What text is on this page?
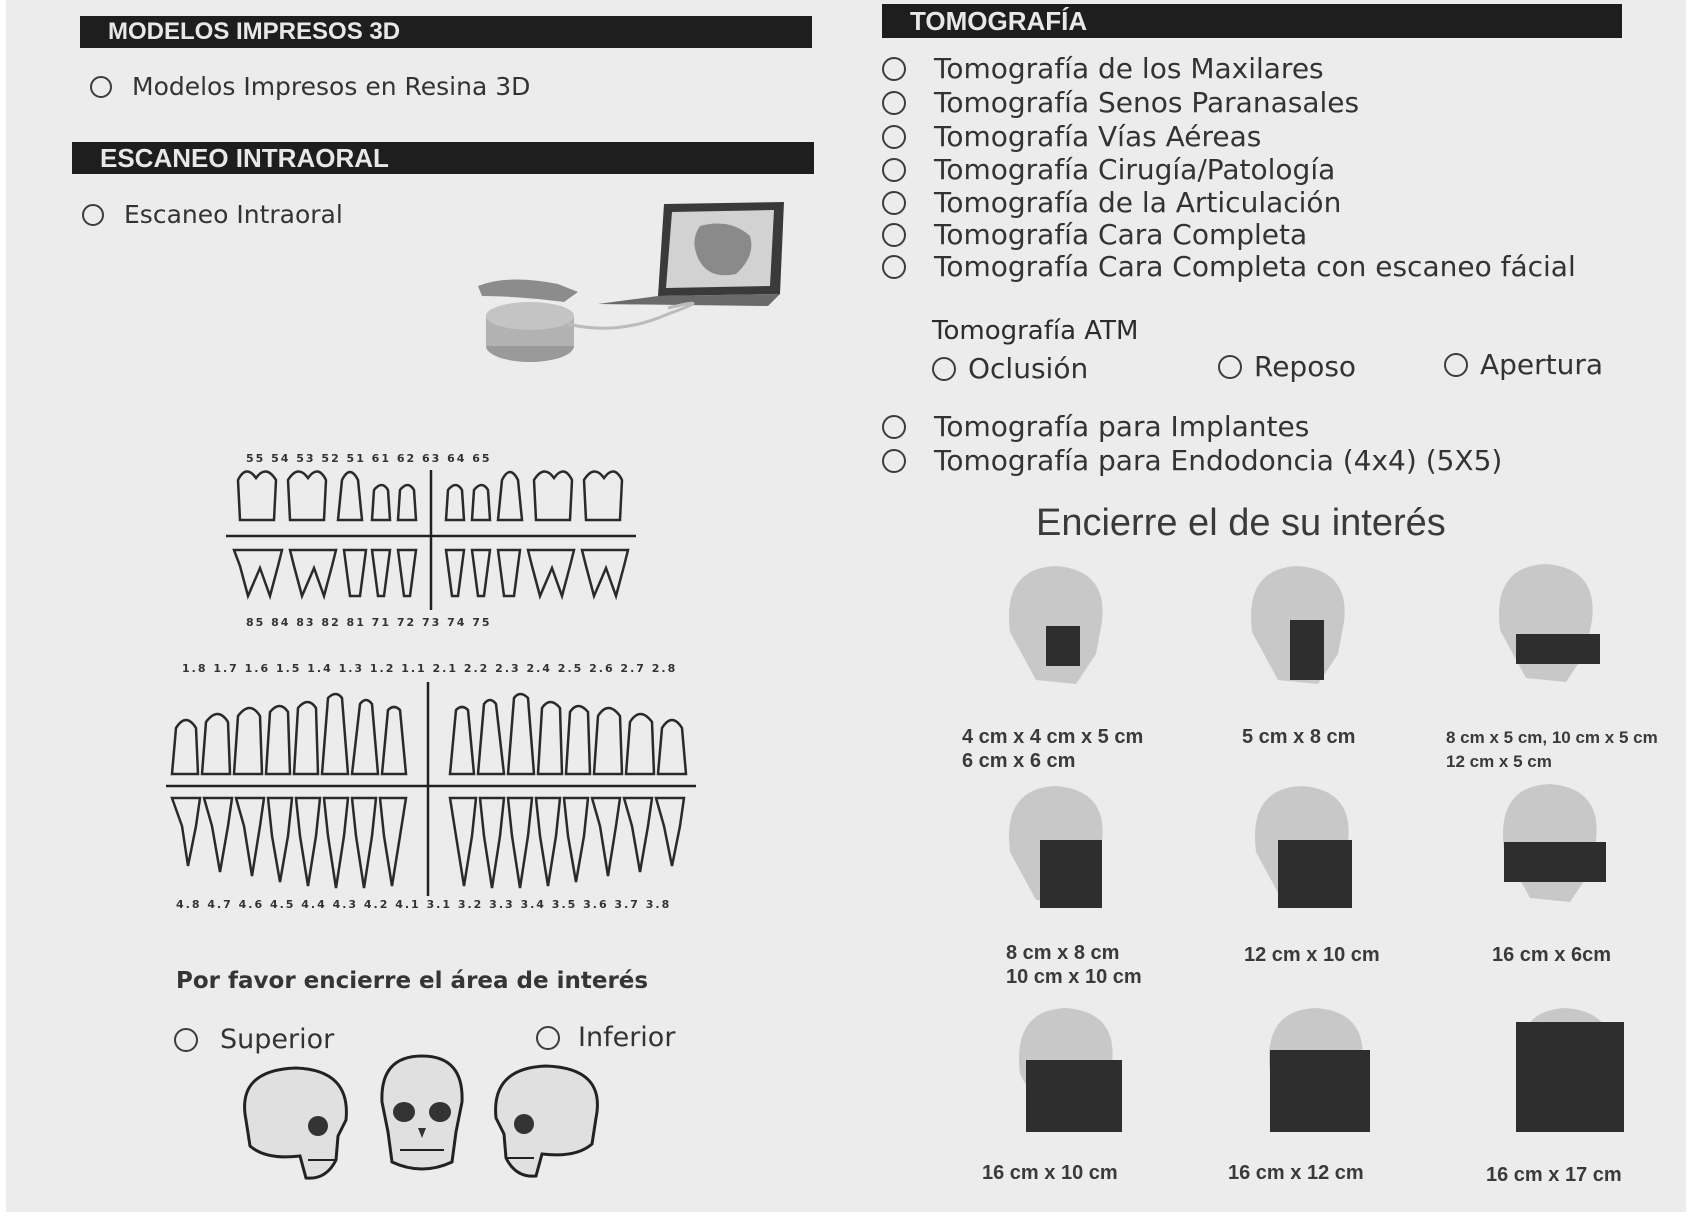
MODELOS IMPRESOS 3D
Modelos Impresos en Resina 3D
ESCANEO INTRAORAL
Escaneo Intraoral
55 54 53 52 51 61 62 63 64 65
85 84 83 82 81 71 72 73 74 75
1.8 1.7 1.6 1.5 1.4 1.3 1.2 1.1 2.1 2.2 2.3 2.4 2.5 2.6 2.7 2.8
4.8 4.7 4.6 4.5 4.4 4.3 4.2 4.1 3.1 3.2 3.3 3.4 3.5 3.6 3.7 3.8
Por favor encierre el área de interés
Superior	Inferior
TOMOGRAFÍA
Tomografía de los Maxilares
Tomografía Senos Paranasales
Tomografía Vías Aéreas
Tomografía Cirugía/Patología
Tomografía de la Articulación
Tomografía Cara Completa
Tomografía Cara Completa con escaneo fácial
Tomografía ATM
Oclusión	Reposo	Apertura
Tomografía para Implantes
Tomografía para Endodoncia (4x4) (5X5)
Encierre el de su interés
4 cm x 4 cm x 5 cm
6 cm x 6 cm
5 cm x 8 cm	8 cm x 5 cm, 10 cm x 5 cm
12 cm x 5 cm
8 cm x 8 cm
10 cm x 10 cm
12 cm x 10 cm	16 cm x 6cm
16 cm x 10 cm	16 cm x 12 cm	16 cm x 17 cm
